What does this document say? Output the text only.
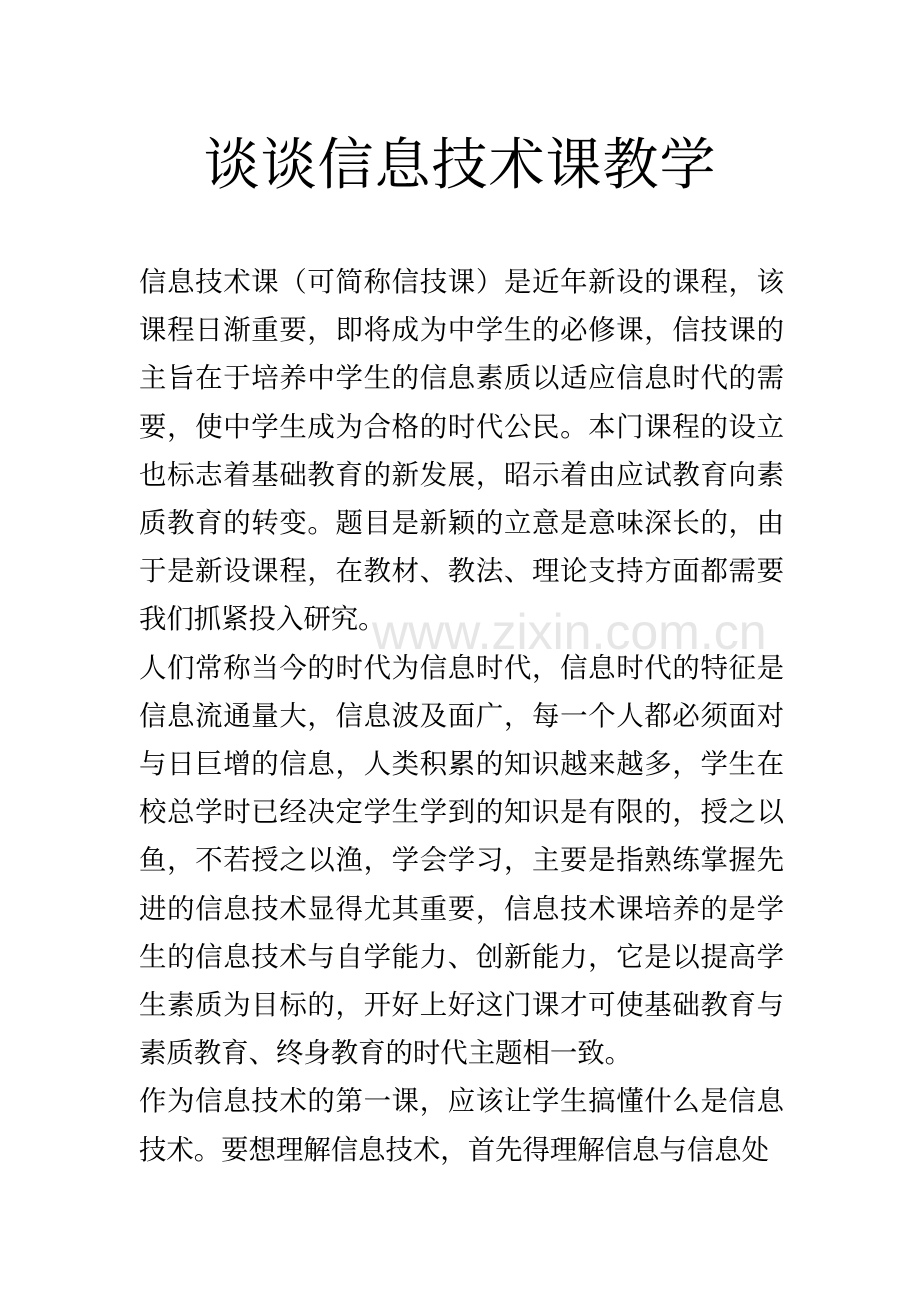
www.zixin.com.cn
谈谈信息技术课教学

信息技术课（可简称信技课）是近年新设的课程，该课程日渐重要，即将成为中学生的必修课，信技课的主旨在于培养中学生的信息素质以适应信息时代的需要，使中学生成为合格的时代公民。本门课程的设立也标志着基础教育的新发展，昭示着由应试教育向素质教育的转变。题目是新颖的立意是意味深长的，由于是新设课程，在教材、教法、理论支持方面都需要我们抓紧投入研究。

人们常称当今的时代为信息时代，信息时代的特征是信息流通量大，信息波及面广，每一个人都必须面对与日巨增的信息，人类积累的知识越来越多，学生在校总学时已经决定学生学到的知识是有限的，授之以鱼，不若授之以渔，学会学习，主要是指熟练掌握先进的信息技术显得尤其重要，信息技术课培养的是学生的信息技术与自学能力、创新能力，它是以提高学生素质为目标的，开好上好这门课才可使基础教育与素质教育、终身教育的时代主题相一致。

作为信息技术的第一课，应该让学生搞懂什么是信息技术。要想理解信息技术，首先得理解信息与信息处
